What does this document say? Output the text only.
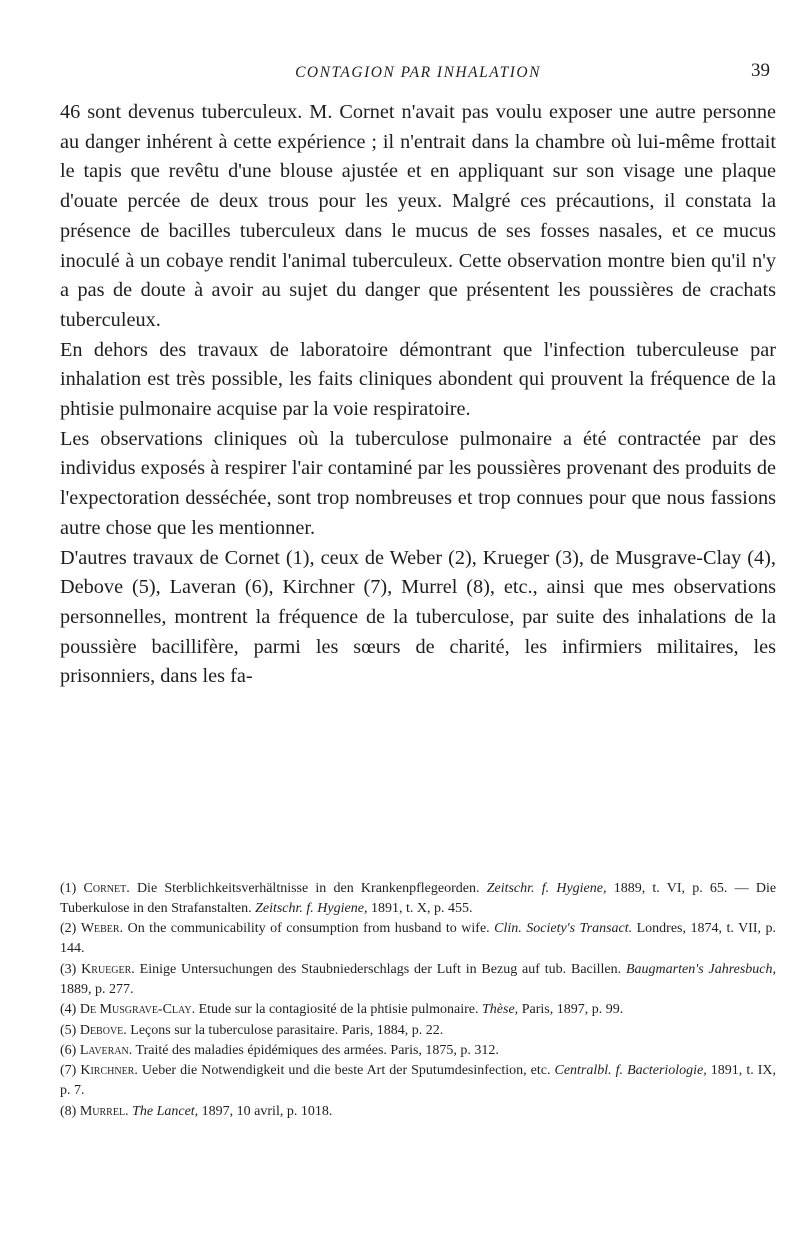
CONTAGION PAR INHALATION	39

46 sont devenus tuberculeux. M. Cornet n'avait pas voulu exposer une autre personne au danger inhérent à cette expérience ; il n'entrait dans la chambre où lui-même frottait le tapis que revêtu d'une blouse ajustée et en appliquant sur son visage une plaque d'ouate percée de deux trous pour les yeux. Malgré ces précautions, il constata la présence de bacilles tuberculeux dans le mucus de ses fosses nasales, et ce mucus inoculé à un cobaye rendit l'animal tuberculeux. Cette observation montre bien qu'il n'y a pas de doute à avoir au sujet du danger que présentent les poussières de crachats tuberculeux.

En dehors des travaux de laboratoire démontrant que l'infection tuberculeuse par inhalation est très possible, les faits cliniques abondent qui prouvent la fréquence de la phtisie pulmonaire acquise par la voie respiratoire.

Les observations cliniques où la tuberculose pulmonaire a été contractée par des individus exposés à respirer l'air contaminé par les poussières provenant des produits de l'expectoration desséchée, sont trop nombreuses et trop connues pour que nous fassions autre chose que les mentionner.

D'autres travaux de Cornet (1), ceux de Weber (2), Krueger (3), de Musgrave-Clay (4), Debove (5), Laveran (6), Kirchner (7), Murrel (8), etc., ainsi que mes observations personnelles, montrent la fréquence de la tuberculose, par suite des inhalations de la poussière bacillifère, parmi les sœurs de charité, les infirmiers militaires, les prisonniers, dans les fa-

(1) Cornet. Die Sterblichkeitsverhältnisse in den Krankenpflegeorden. Zeitschr. f. Hygiene, 1889, t. VI, p. 65. — Die Tuberkulose in den Strafanstalten. Zeitschr. f. Hygiene, 1891, t. X, p. 455.

(2) Weber. On the communicability of consumption from husband to wife. Clin. Society's Transact. Londres, 1874, t. VII, p. 144.

(3) Krueger. Einige Untersuchungen des Staubniederschlags der Luft in Bezug auf tub. Bacillen. Baugmarten's Jahresbuch, 1889, p. 277.

(4) De Musgrave-Clay. Etude sur la contagiosité de la phtisie pulmonaire. Thèse, Paris, 1897, p. 99.

(5) Debove. Leçons sur la tuberculose parasitaire. Paris, 1884, p. 22.

(6) Laveran. Traité des maladies épidémiques des armées. Paris, 1875, p. 312.

(7) Kirchner. Ueber die Notwendigkeit und die beste Art der Sputumdesinfection, etc. Centralbl. f. Bacteriologie, 1891, t. IX, p. 7.

(8) Murrel. The Lancet, 1897, 10 avril, p. 1018.
